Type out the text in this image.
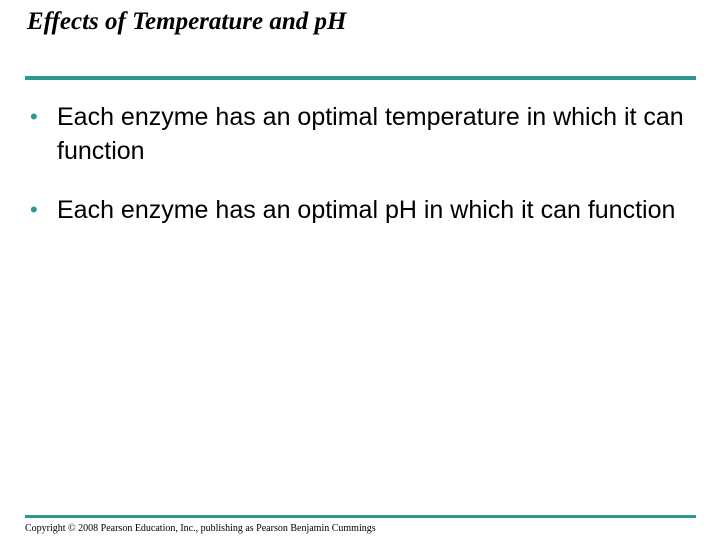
Effects of Temperature and pH
• Each enzyme has an optimal temperature in which it can function
• Each enzyme has an optimal pH in which it can function
Copyright © 2008 Pearson Education, Inc., publishing as Pearson Benjamin Cummings
